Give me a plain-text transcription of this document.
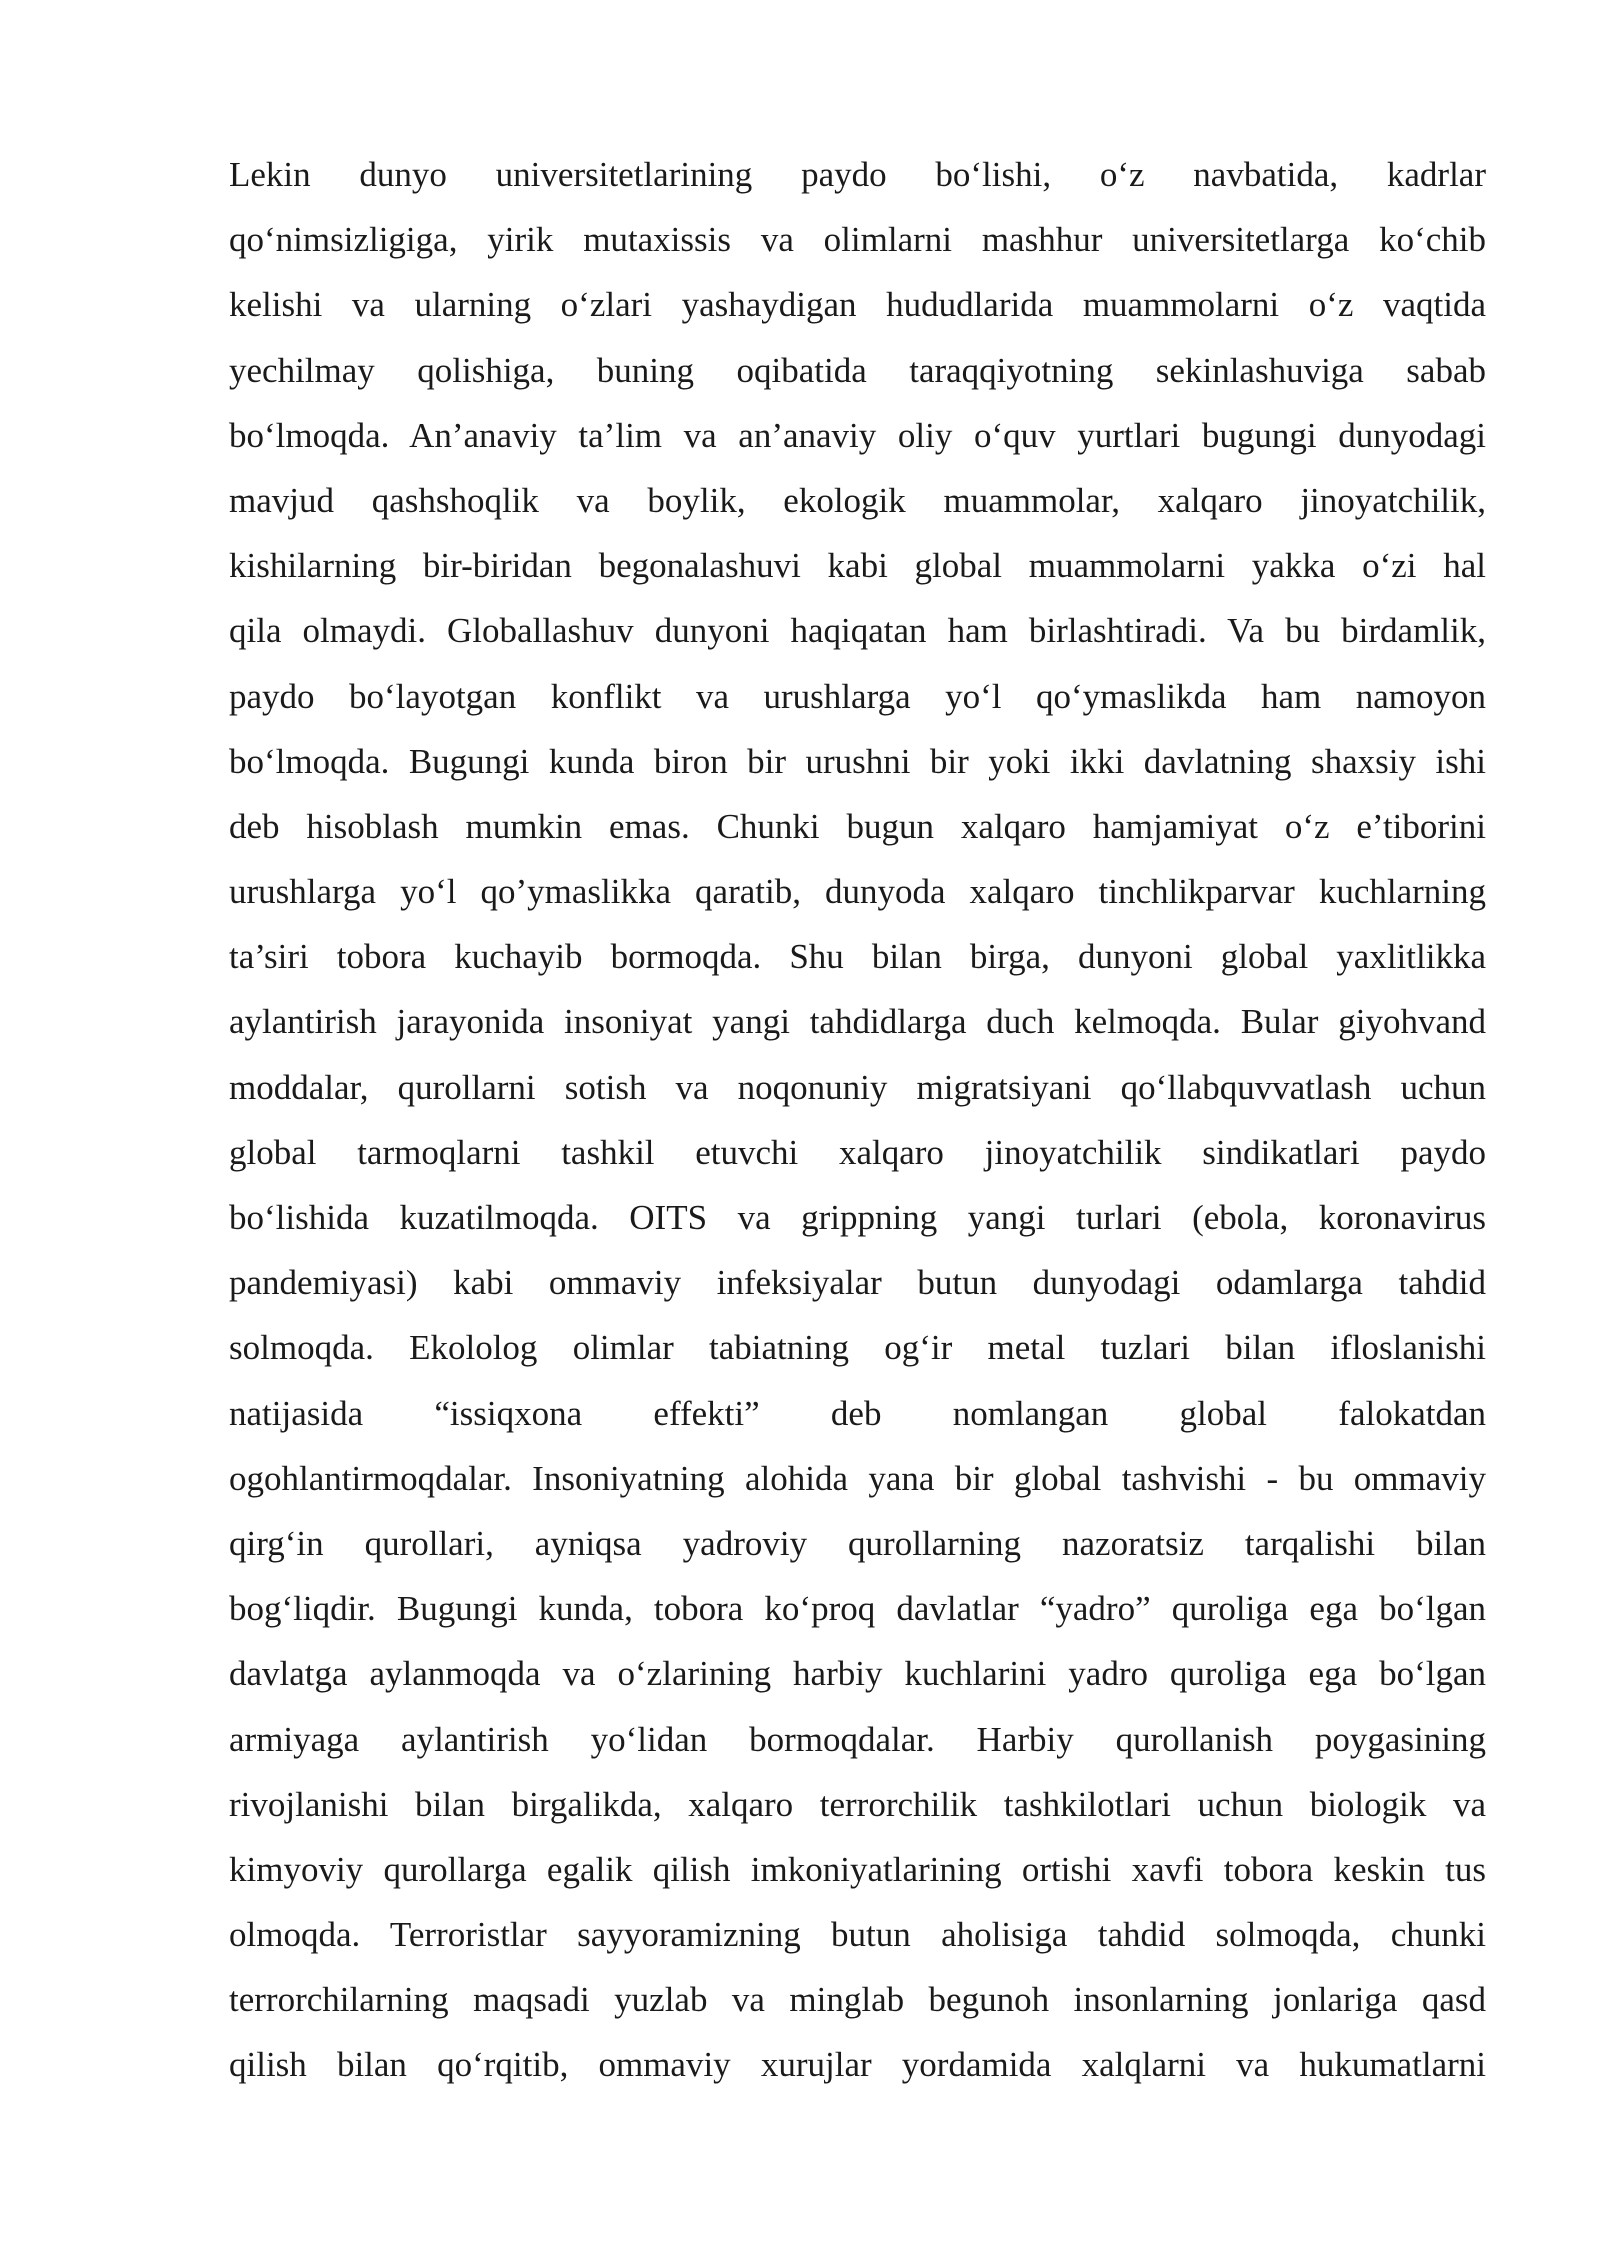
Lekin dunyo universitetlarining paydo bo‘lishi, o‘z navbatida, kadrlar
qo‘nimsizligiga, yirik mutaxissis va olimlarni mashhur universitetlarga ko‘chib
kelishi va ularning o‘zlari yashaydigan hududlarida muammolarni o‘z vaqtida
yechilmay qolishiga, buning oqibatida taraqqiyotning sekinlashuviga sabab
bo‘lmoqda. An’anaviy ta’lim va an’anaviy oliy o‘quv yurtlari bugungi dunyodagi
mavjud qashshoqlik va boylik, ekologik muammolar, xalqaro jinoyatchilik,
kishilarning bir-biridan begonalashuvi kabi global muammolarni yakka o‘zi hal
qila olmaydi. Globallashuv dunyoni haqiqatan ham birlashtiradi. Va bu birdamlik,
paydo bo‘layotgan konflikt va urushlarga yo‘l qo‘ymaslikda ham namoyon
bo‘lmoqda. Bugungi kunda biron bir urushni bir yoki ikki davlatning shaxsiy ishi
deb hisoblash mumkin emas. Chunki bugun xalqaro hamjamiyat o‘z e’tiborini
urushlarga yo‘l qo’ymaslikka qaratib, dunyoda xalqaro tinchlikparvar kuchlarning
ta’siri tobora kuchayib bormoqda. Shu bilan birga, dunyoni global yaxlitlikka
aylantirish jarayonida insoniyat yangi tahdidlarga duch kelmoqda. Bular giyohvand
moddalar, qurollarni sotish va noqonuniy migratsiyani qo‘llabquvvatlash uchun
global tarmoqlarni tashkil etuvchi xalqaro jinoyatchilik sindikatlari paydo
bo‘lishida kuzatilmoqda. OITS va grippning yangi turlari (ebola, koronavirus
pandemiyasi) kabi ommaviy infeksiyalar butun dunyodagi odamlarga tahdid
solmoqda. Ekololog olimlar tabiatning og‘ir metal tuzlari bilan ifloslanishi
natijasida “issiqxona effekti” deb nomlangan global falokatdan
ogohlantirmoqdalar. Insoniyatning alohida yana bir global tashvishi - bu ommaviy
qirg‘in qurollari, ayniqsa yadroviy qurollarning nazoratsiz tarqalishi bilan
bog‘liqdir. Bugungi kunda, tobora ko‘proq davlatlar “yadro” quroliga ega bo‘lgan
davlatga aylanmoqda va o‘zlarining harbiy kuchlarini yadro quroliga ega bo‘lgan
armiyaga aylantirish yo‘lidan bormoqdalar. Harbiy qurollanish poygasining
rivojlanishi bilan birgalikda, xalqaro terrorchilik tashkilotlari uchun biologik va
kimyoviy qurollarga egalik qilish imkoniyatlarining ortishi xavfi tobora keskin tus
olmoqda. Terroristlar sayyoramizning butun aholisiga tahdid solmoqda, chunki
terrorchilarning maqsadi yuzlab va minglab begunoh insonlarning jonlariga qasd
qilish bilan qo‘rqitib, ommaviy xurujlar yordamida xalqlarni va hukumatlarni
